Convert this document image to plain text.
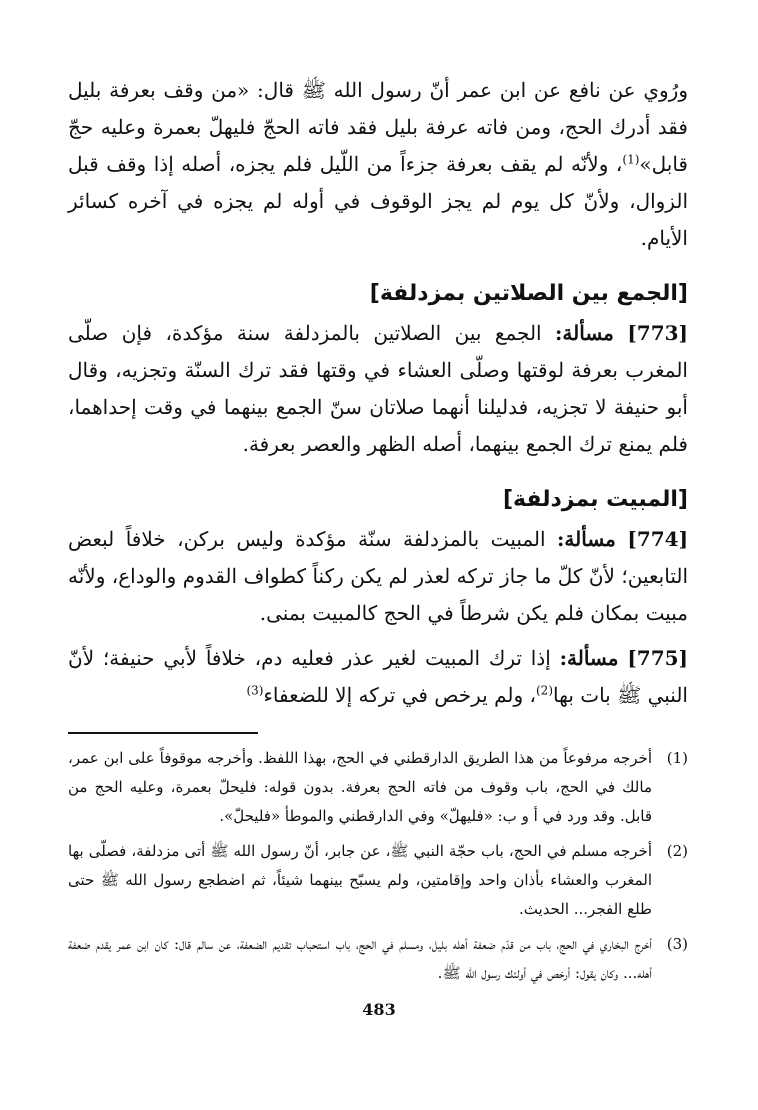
ورُوي عن نافع عن ابن عمر أنّ رسول الله ﷺ قال: «من وقف بعرفة بليل فقد أدرك الحج، ومن فاته عرفة بليل فقد فاته الحجّ فليهلّ بعمرة وعليه حجّ قابل»$^{(1)}$، ولأنّه لم يقف بعرفة جزءاً من اللّيل فلم يجزه، أصله إذا وقف قبل الزوال، ولأنّ كل يوم لم يجز الوقوف في أوله لم يجزه في آخره كسائر الأيام.

[الجمع بين الصلاتين بمزدلفة]

[773] مسألة: الجمع بين الصلاتين بالمزدلفة سنة مؤكدة، فإن صلّى المغرب بعرفة لوقتها وصلّى العشاء في وقتها فقد ترك السنّة وتجزيه، وقال أبو حنيفة لا تجزيه، فدليلنا أنهما صلاتان سنّ الجمع بينهما في وقت إحداهما، فلم يمنع ترك الجمع بينهما، أصله الظهر والعصر بعرفة.

[المبيت بمزدلفة]

[774] مسألة: المبيت بالمزدلفة سنّة مؤكدة وليس بركن، خلافاً لبعض التابعين؛ لأنّ كلّ ما جاز تركه لعذر لم يكن ركناً كطواف القدوم والوداع، ولأنّه مبيت بمكان فلم يكن شرطاً في الحج كالمبيت بمنى.

[775] مسألة: إذا ترك المبيت لغير عذر فعليه دم، خلافاً لأبي حنيفة؛ لأنّ النبي ﷺ بات بها$^{(2)}$، ولم يرخص في تركه إلا للضعفاء$^{(3)}$

(1)
أخرجه مرفوعاً من هذا الطريق الدارقطني في الحج، بهذا اللفظ. وأخرجه موقوفاً على ابن عمر، مالك في الحج، باب وقوف من فاته الحج بعرفة. بدون قوله: فليحلّ بعمرة، وعليه الحج من قابل. وقد ورد في أ و ب: «فليهلّ» وفي الدارقطني والموطأ «فليحلّ».
(2)
أخرجه مسلم في الحج، باب حجّة النبي ﷺ، عن جابر، أنّ رسول الله ﷺ أتى مزدلفة، فصلّى بها المغرب والعشاء بأذان واحد وإقامتين، ولم يسبّح بينهما شيئاً، ثم اضطجع رسول الله ﷺ حتى طلع الفجر... الحديث.
(3)
أخرج البخاري في الحج، باب من قدّم ضعفة أهله بليل، ومسلم في الحج، باب استحباب تقديم الضعفة، عن سالم قال: كان ابن عمر يقدم ضعفة أهله... وكان يقول: أرخص في أولئك رسول الله ﷺ.
483
